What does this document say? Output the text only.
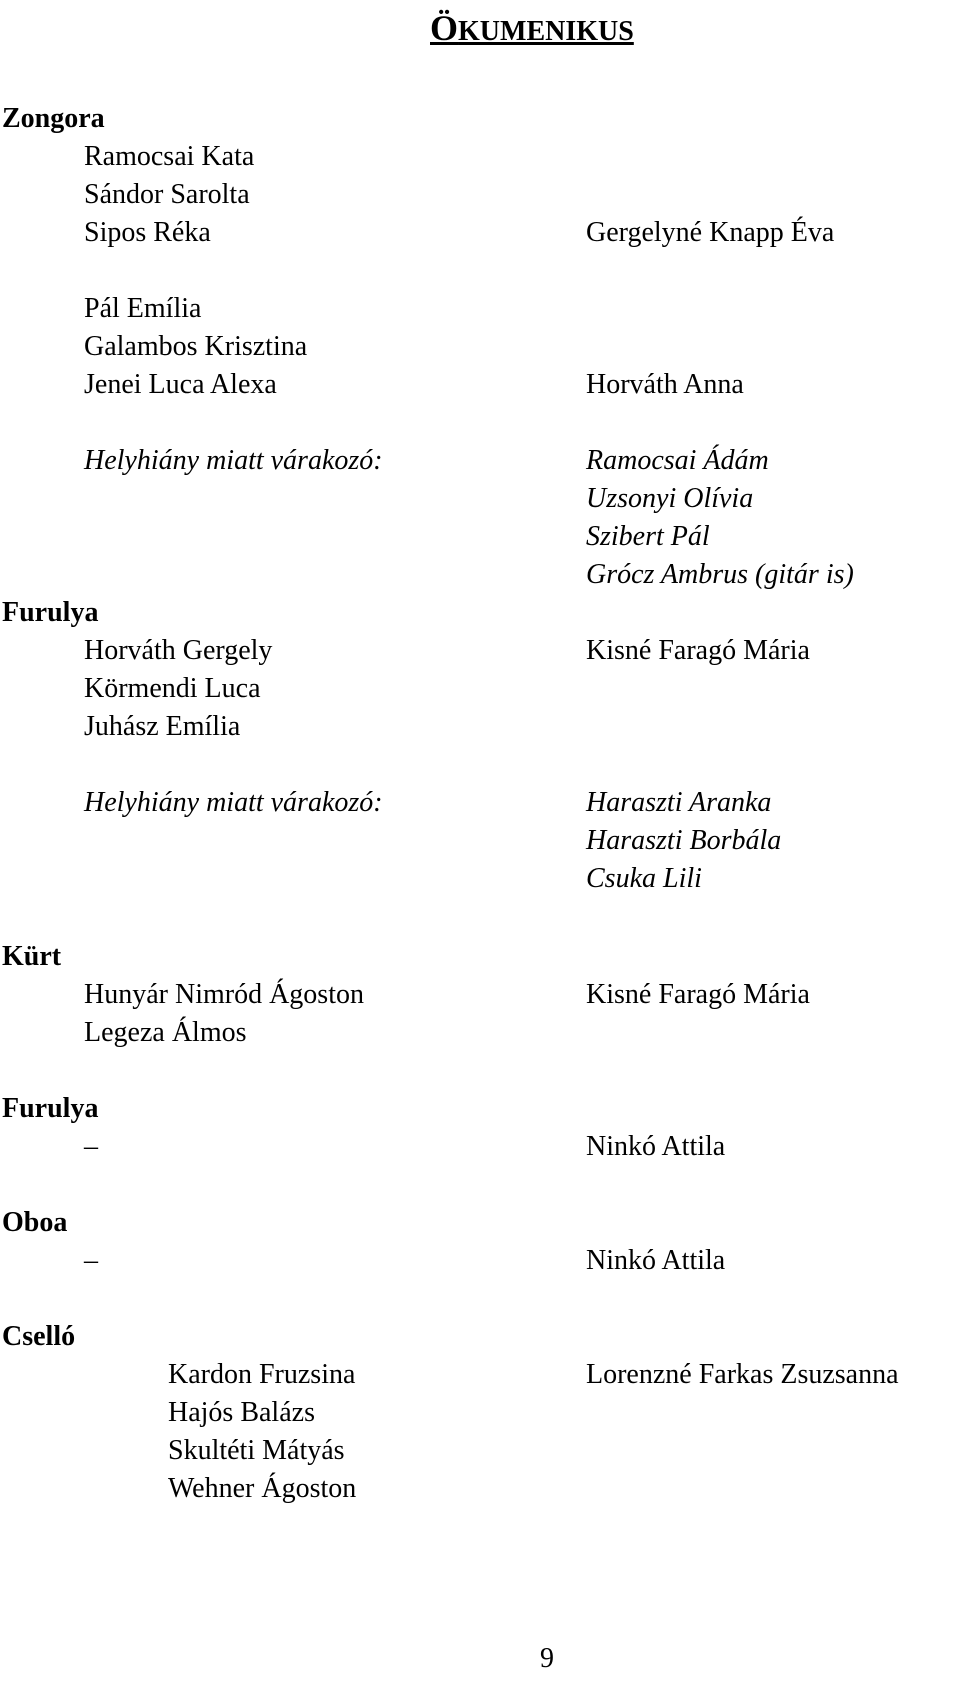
ÖKUMENIKUS
Zongora
Ramocsai Kata
Sándor Sarolta
Sipos Réka	Gergelyné Knapp Éva
Pál Emília
Galambos Krisztina
Jenei Luca Alexa	Horváth Anna
Helyhiány miatt várakozó:	Ramocsai Ádám
Uzsonyi Olívia
Szibert Pál
Grócz Ambrus (gitár is)
Furulya
Horváth Gergely	Kisné Faragó Mária
Körmendi Luca
Juhász Emília
Helyhiány miatt várakozó:	Haraszti Aranka
Haraszti Borbála
Csuka Lili
Kürt
Hunyár Nimród Ágoston	Kisné Faragó Mária
Legeza Álmos
Furulya
–	Ninkó Attila
Oboa
–	Ninkó Attila
Cselló
Kardon Fruzsina	Lorenzné Farkas Zsuzsanna
Hajós Balázs
Skultéti Mátyás
Wehner Ágoston
9
